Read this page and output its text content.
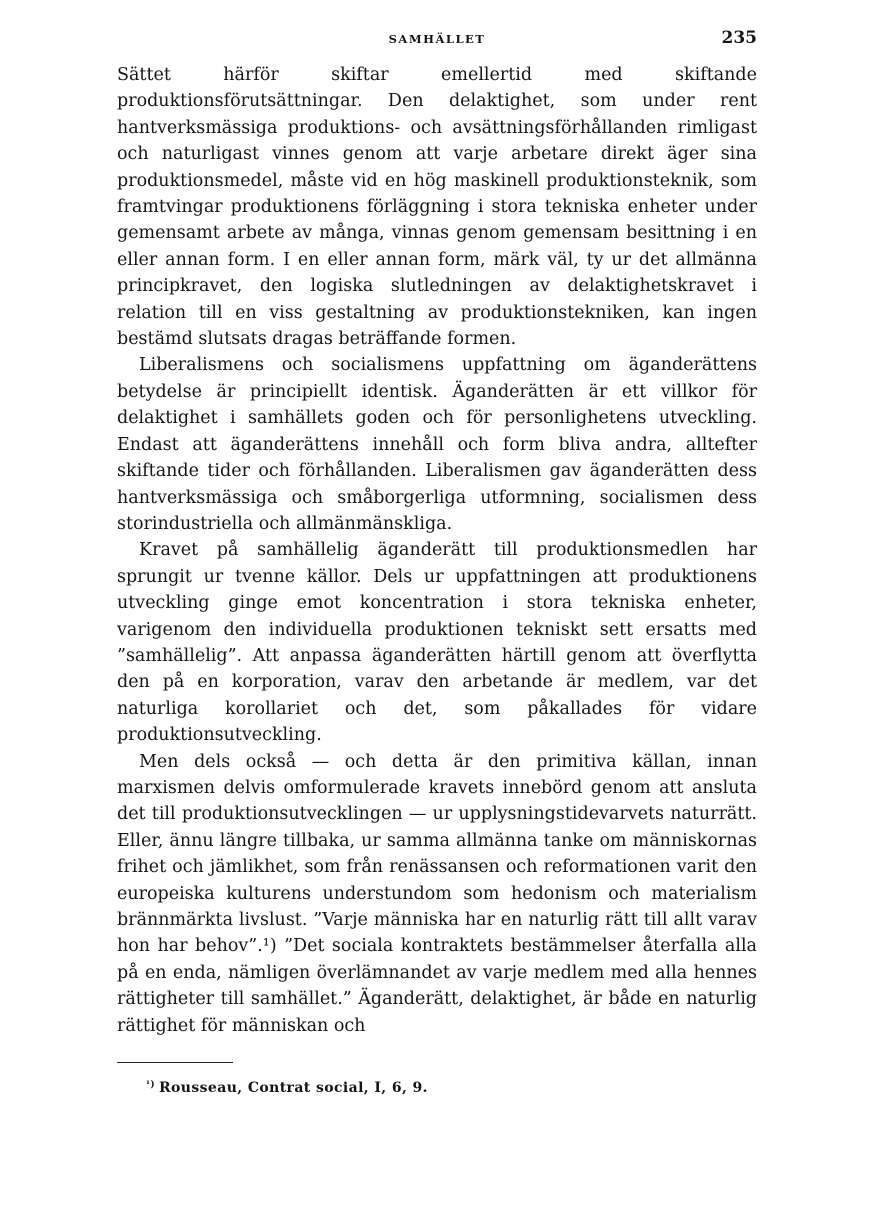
SAMHÄLLET	235

Sättet härför skiftar emellertid med skiftande produktionsförutsättningar. Den delaktighet, som under rent hantverksmässiga produktions- och avsättningsförhållanden rimligast och naturligast vinnes genom att varje arbetare direkt äger sina produktionsmedel, måste vid en hög maskinell produktionsteknik, som framtvingar produktionens förläggning i stora tekniska enheter under gemensamt arbete av många, vinnas genom gemensam besittning i en eller annan form. I en eller annan form, märk väl, ty ur det allmänna principkravet, den logiska slutledningen av delaktighetskravet i relation till en viss gestaltning av produktionstekniken, kan ingen bestämd slutsats dragas beträffande formen.

Liberalismens och socialismens uppfattning om äganderättens betydelse är principiellt identisk. Äganderätten är ett villkor för delaktighet i samhällets goden och för personlighetens utveckling. Endast att äganderättens innehåll och form bliva andra, alltefter skiftande tider och förhållanden. Liberalismen gav äganderätten dess hantverksmässiga och småborgerliga utformning, socialismen dess storindustriella och allmänmänskliga.

Kravet på samhällelig äganderätt till produktionsmedlen har sprungit ur tvenne källor. Dels ur uppfattningen att produktionens utveckling ginge emot koncentration i stora tekniska enheter, varigenom den individuella produktionen tekniskt sett ersatts med ”samhällelig”. Att anpassa äganderätten härtill genom att överflytta den på en korporation, varav den arbetande är medlem, var det naturliga korollariet och det, som påkallades för vidare produktionsutveckling.

Men dels också — och detta är den primitiva källan, innan marxismen delvis omformulerade kravets innebörd genom att ansluta det till produktionsutvecklingen — ur upplysningstidevarvets naturrätt. Eller, ännu längre tillbaka, ur samma allmänna tanke om människornas frihet och jämlikhet, som från renässansen och reformationen varit den europeiska kulturens understundom som hedonism och materialism brännmärkta livslust. ”Varje människa har en naturlig rätt till allt varav hon har behov”.¹) ”Det sociala kontraktets bestämmelser återfalla alla på en enda, nämligen överlämnandet av varje medlem med alla hennes rättigheter till samhället.” Äganderätt, delaktighet, är både en naturlig rättighet för människan och

$^{^1)}$ Rousseau, Contrat social, I, 6, 9.
